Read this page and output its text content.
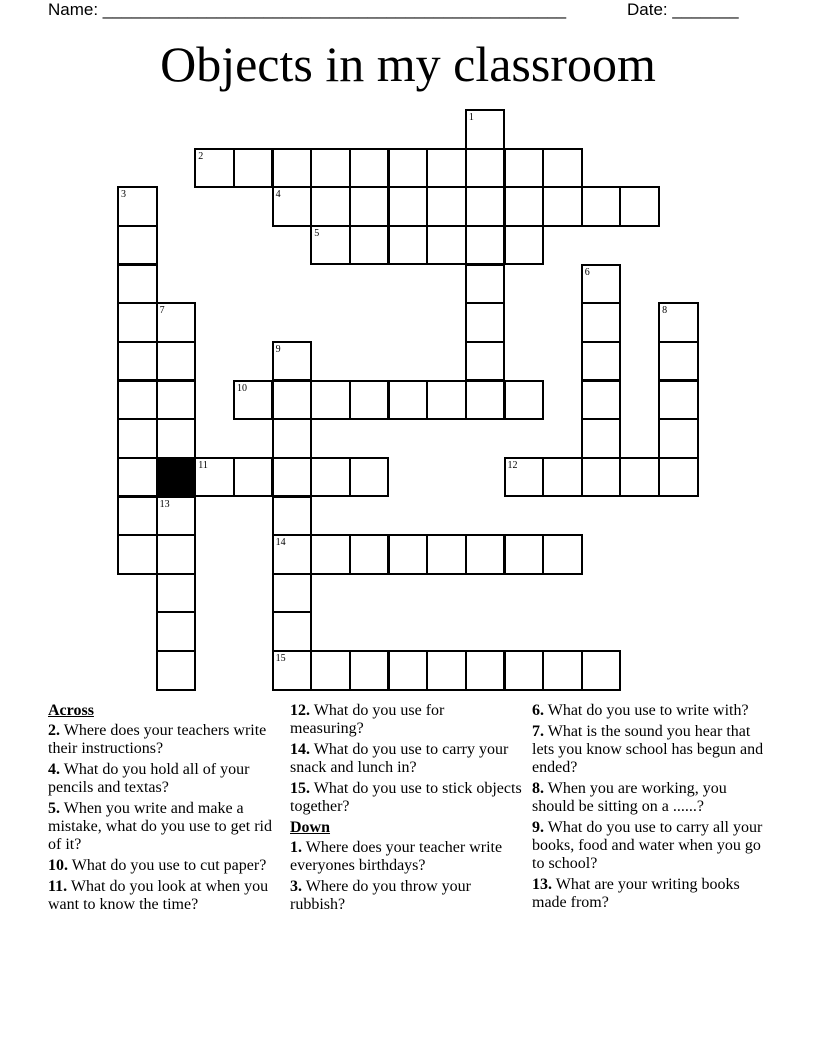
Name: _________________________________________________	Date: _______
Objects in my classroom
1
2
3	4
5
6
7	8
9
10
11	12
13
14
15
Across
2. Where does your teachers write their instructions?
4. What do you hold all of your pencils and textas?
5. When you write and make a mistake, what do you use to get rid of it?
10. What do you use to cut paper?
11. What do you look at when you want to know the time?
12. What do you use for measuring?
14. What do you use to carry your snack and lunch in?
15. What do you use to stick objects together?
Down
1. Where does your teacher write everyones birthdays?
3. Where do you throw your rubbish?
6. What do you use to write with?
7. What is the sound you hear that lets you know school has begun and ended?
8. When you are working, you should be sitting on a ......?
9. What do you use to carry all your books, food and water when you go to school?
13. What are your writing books made from?
